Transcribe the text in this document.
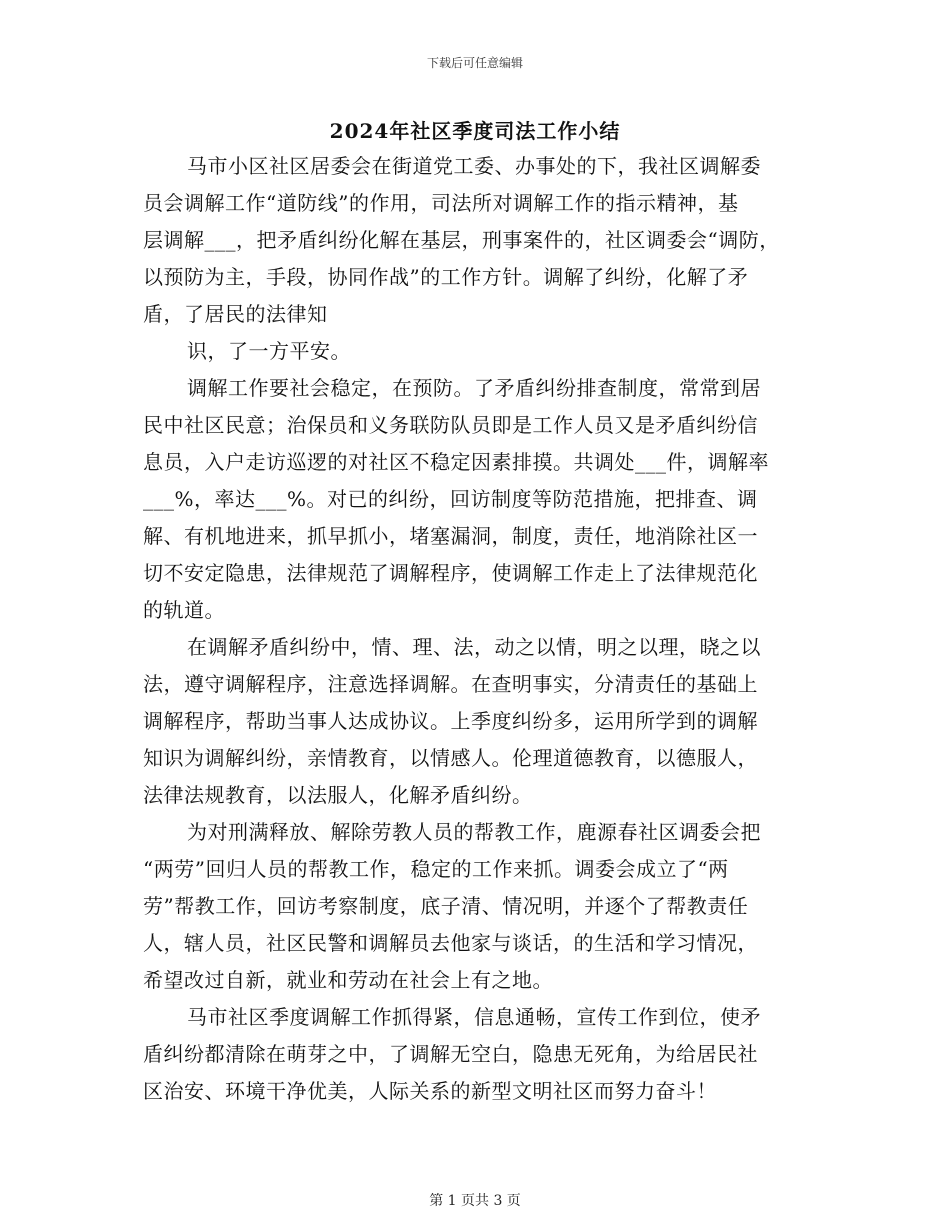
下载后可任意编辑
2024年社区季度司法工作小结
马市小区社区居委会在街道党工委、办事处的下，我社区调解委
员会调解工作“道防线”的作用，司法所对调解工作的指示精神，基
层调解___，把矛盾纠纷化解在基层，刑事案件的，社区调委会“调防，
以预防为主，手段，协同作战”的工作方针。调解了纠纷，化解了矛
盾，了居民的法律知
识，了一方平安。
调解工作要社会稳定，在预防。了矛盾纠纷排查制度，常常到居
民中社区民意；治保员和义务联防队员即是工作人员又是矛盾纠纷信
息员，入户走访巡逻的对社区不稳定因素排摸。共调处___件，调解率
___%，率达___%。对已的纠纷，回访制度等防范措施，把排查、调
解、有机地进来，抓早抓小，堵塞漏洞，制度，责任，地消除社区一
切不安定隐患，法律规范了调解程序，使调解工作走上了法律规范化
的轨道。
在调解矛盾纠纷中，情、理、法，动之以情，明之以理，晓之以
法，遵守调解程序，注意选择调解。在查明事实，分清责任的基础上
调解程序，帮助当事人达成协议。上季度纠纷多，运用所学到的调解
知识为调解纠纷，亲情教育，以情感人。伦理道德教育，以德服人，
法律法规教育，以法服人，化解矛盾纠纷。
为对刑满释放、解除劳教人员的帮教工作，鹿源春社区调委会把
“两劳”回归人员的帮教工作，稳定的工作来抓。调委会成立了“两
劳”帮教工作，回访考察制度，底子清、情况明，并逐个了帮教责任
人，辖人员，社区民警和调解员去他家与谈话，的生活和学习情况，
希望改过自新，就业和劳动在社会上有之地。
马市社区季度调解工作抓得紧，信息通畅，宣传工作到位，使矛
盾纠纷都清除在萌芽之中，了调解无空白，隐患无死角，为给居民社
区治安、环境干净优美，人际关系的新型文明社区而努力奋斗！
第 1 页共 3 页
